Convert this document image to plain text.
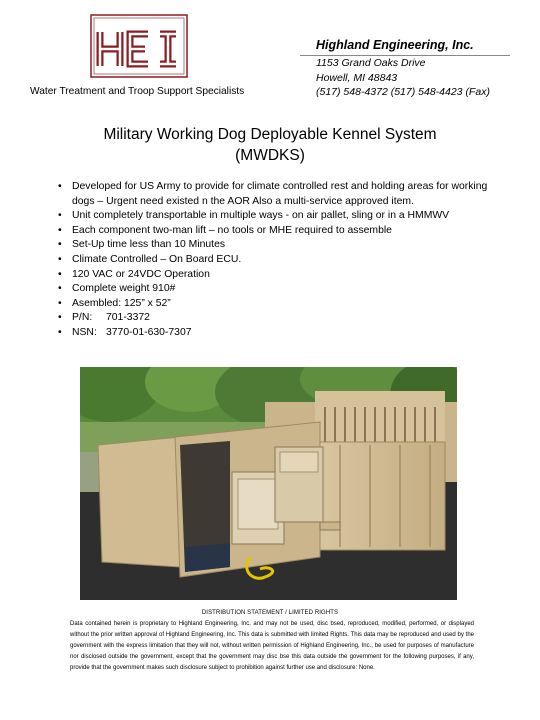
Water Treatment and Troop Support Specialists
Highland Engineering, Inc.
1153 Grand Oaks Drive
Howell, MI 48843
(517) 548-4372 (517) 548-4423 (Fax)
Military Working Dog Deployable Kennel System
(MWDKS)
• Developed for US Army to provide for climate controlled rest and holding areas for working dogs – Urgent need existed n the AOR Also a multi-service approved item.
• Unit completely transportable in multiple ways - on air pallet, sling or in a HMMWV
• Each component two-man lift – no tools or MHE required to assemble
• Set-Up time less than 10 Minutes
• Climate Controlled – On Board ECU.
• 120 VAC or 24VDC Operation
• Complete weight 910#
• Asembled: 125” x 52”
• P/N: 701-3372
• NSN: 3770-01-630-7307
DISTRIBUTION STATEMENT / LIMITED RIGHTS
Data contained herein is proprietary to Highland Engineering, Inc. and may not be used, disc bsed, reproduced, modified, performed, or displayed without the prior written approval of Highland Engineering, Inc. This data is submitted with limited Rights. This data may be reproduced and used by the government with the express limitation that they will not, without written permission of Highland Engineering, Inc., be used for purposes of manufacture nor disclosed outside the government, except that the government may disc bse this data outside the government for the following purposes, if any, provide that the government makes such disclosure subject to prohibition against further use and disclosure: None.
